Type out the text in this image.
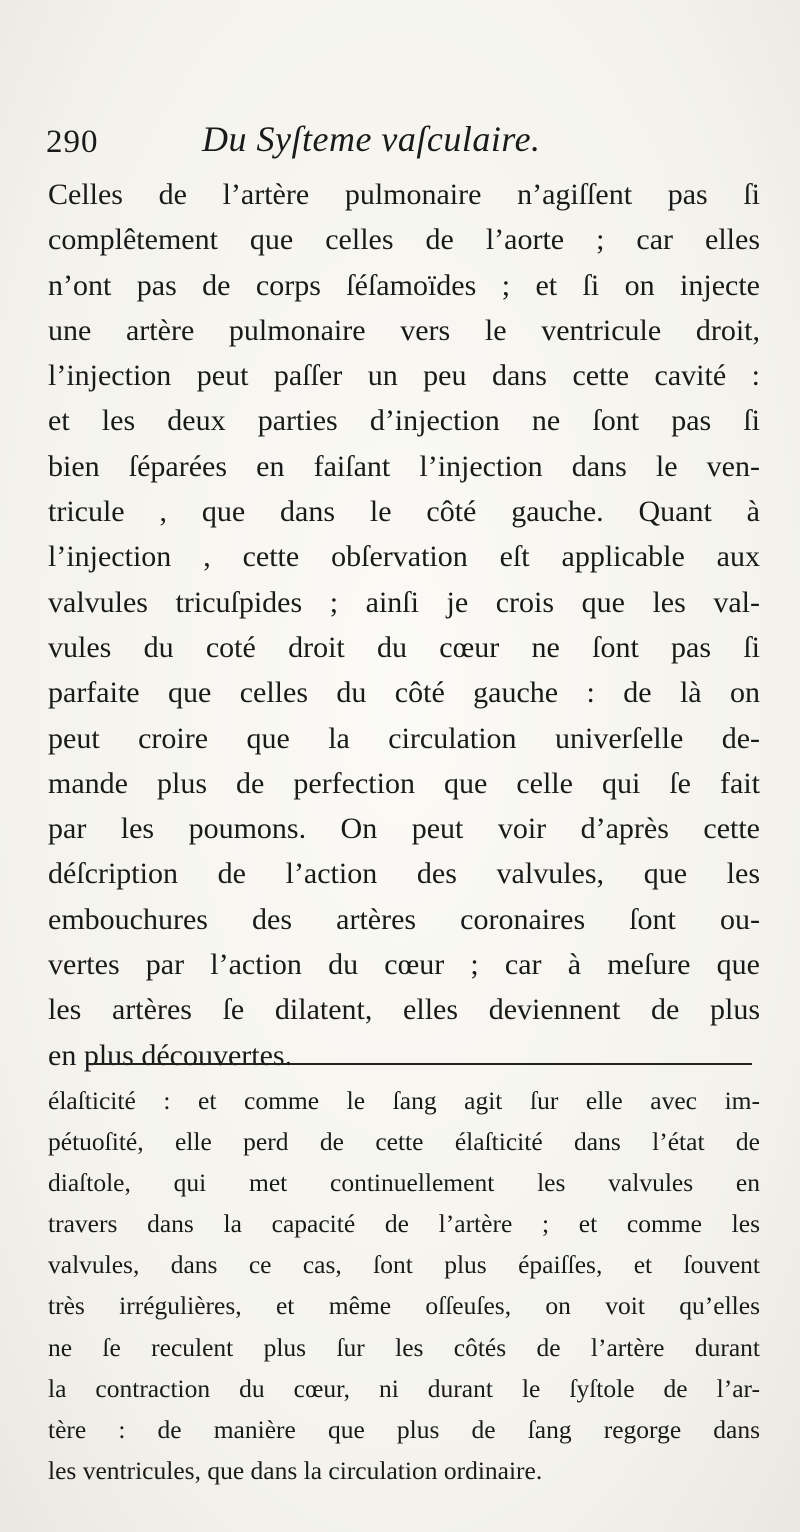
290	Du Syſteme vaſculaire.
Celles de l’artère pulmonaire n’agiſſent pas ſi
complêtement que celles de l’aorte ; car elles
n’ont pas de corps ſéſamoïdes ; et ſi on injecte
une artère pulmonaire vers le ventricule droit,
l’injection peut paſſer un peu dans cette cavité :
et les deux parties d’injection ne ſont pas ſi
bien ſéparées en faiſant l’injection dans le ven-
tricule , que dans le côté gauche. Quant à
l’injection , cette obſervation eſt applicable aux
valvules tricuſpides ; ainſi je crois que les val-
vules du coté droit du cœur ne ſont pas ſi
parfaite que celles du côté gauche : de là on
peut croire que la circulation univerſelle de-
mande plus de perfection que celle qui ſe fait
par les poumons. On peut voir d’après cette
déſcription de l’action des valvules, que les
embouchures des artères coronaires ſont ou-
vertes par l’action du cœur ; car à meſure que
les artères ſe dilatent, elles deviennent de plus
en plus découvertes.
élaſticité : et comme le ſang agit ſur elle avec im-
pétuoſité, elle perd de cette élaſticité dans l’état de
diaſtole, qui met continuellement les valvules en
travers dans la capacité de l’artère ; et comme les
valvules, dans ce cas, ſont plus épaiſſes, et ſouvent
très irrégulières, et même oſſeuſes, on voit qu’elles
ne ſe reculent plus ſur les côtés de l’artère durant
la contraction du cœur, ni durant le ſyſtole de l’ar-
tère : de manière que plus de ſang regorge dans
les ventricules, que dans la circulation ordinaire.
